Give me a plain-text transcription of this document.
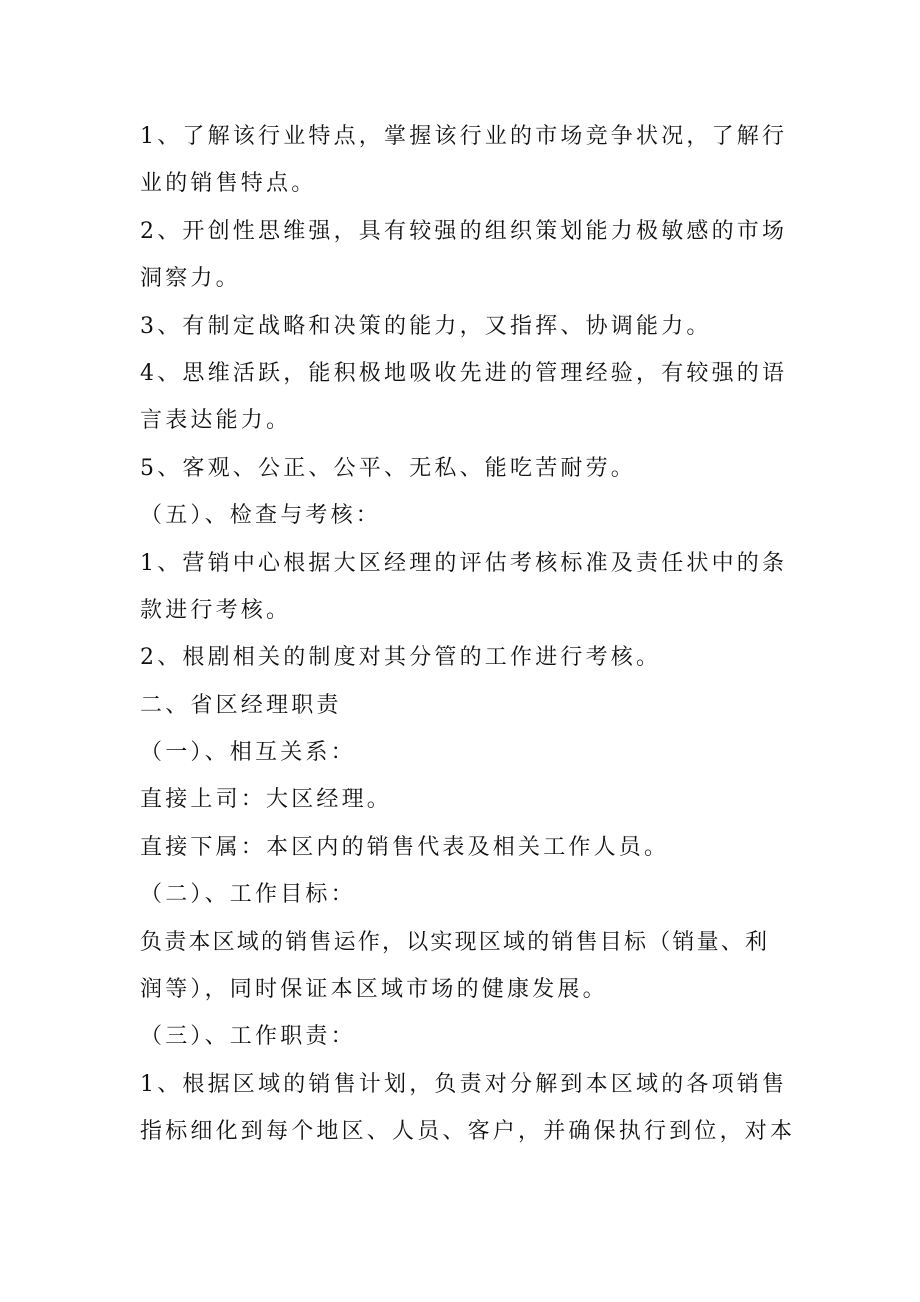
1、了解该行业特点，掌握该行业的市场竞争状况，了解行
业的销售特点。
2、开创性思维强，具有较强的组织策划能力极敏感的市场
洞察力。
3、有制定战略和决策的能力，又指挥、协调能力。
4、思维活跃，能积极地吸收先进的管理经验，有较强的语
言表达能力。
5、客观、公正、公平、无私、能吃苦耐劳。
（五）、检查与考核：
1、营销中心根据大区经理的评估考核标准及责任状中的条
款进行考核。
2、根剧相关的制度对其分管的工作进行考核。
二、省区经理职责
（一）、相互关系：
直接上司：大区经理。
直接下属：本区内的销售代表及相关工作人员。
（二）、工作目标：
负责本区域的销售运作，以实现区域的销售目标（销量、利
润等），同时保证本区域市场的健康发展。
（三）、工作职责：
1、根据区域的销售计划，负责对分解到本区域的各项销售
指标细化到每个地区、人员、客户，并确保执行到位，对本
